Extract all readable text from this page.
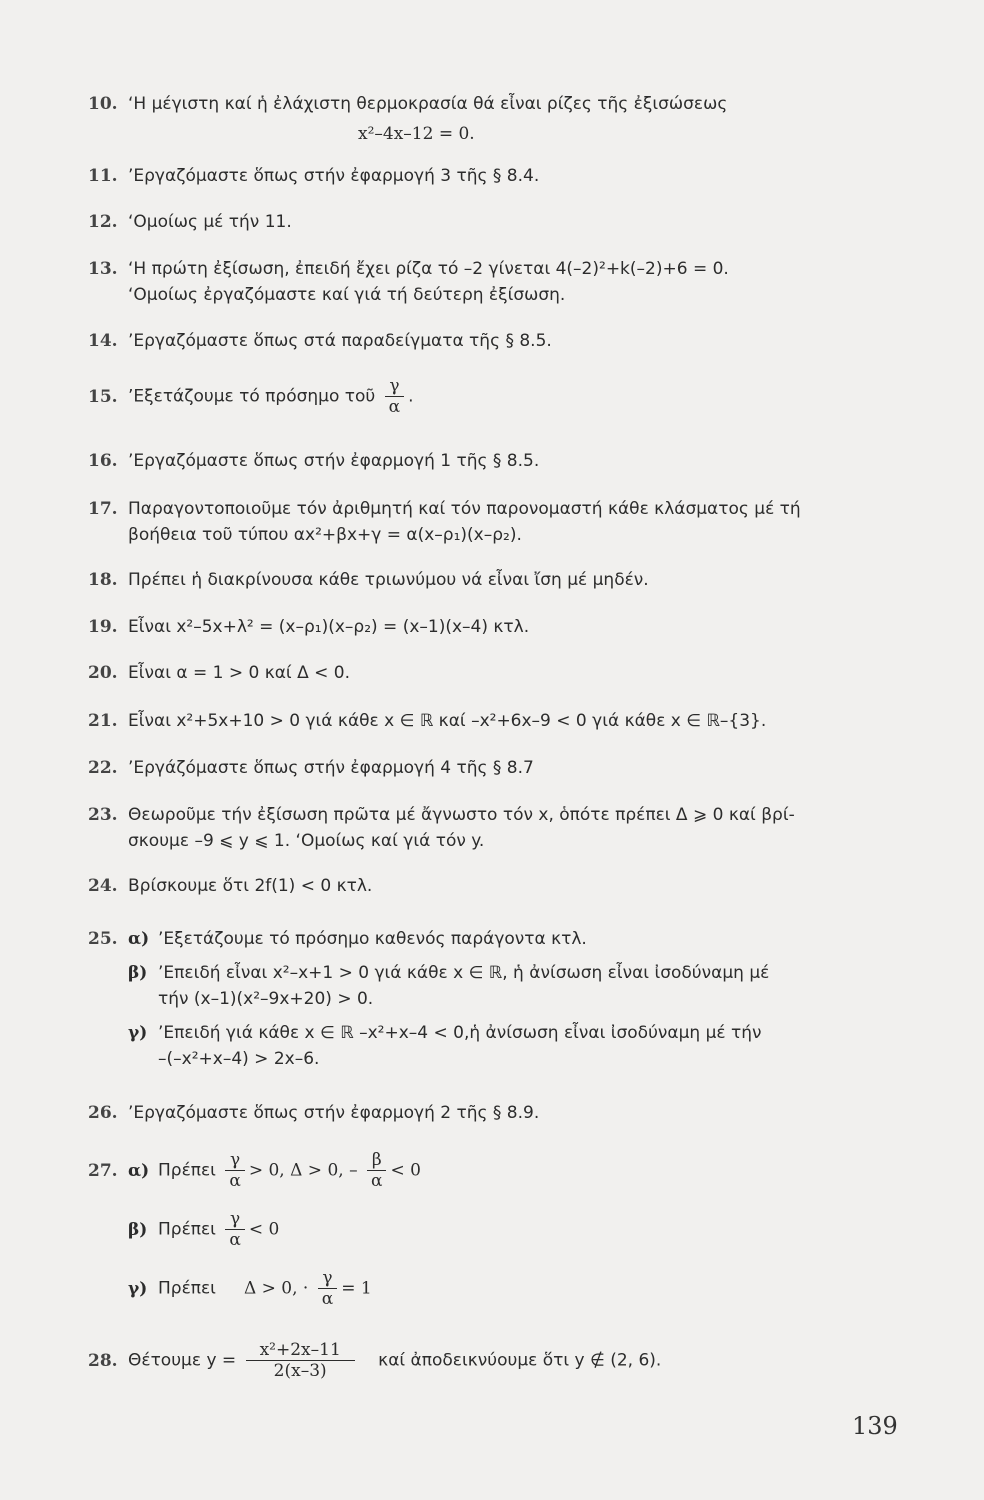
10. ‘Η μέγιστη καί ἡ ἐλάχιστη θερμοκρασία θά εἶναι ρίζες τῆς ἐξισώσεως
x²–4x–12 = 0.
11. ’Εργαζόμαστε ὅπως στήν ἐφαρμογή 3 τῆς § 8.4.
12. ‘Ομοίως μέ τήν 11.
13. ‘Η πρώτη ἐξίσωση, ἐπειδή ἔχει ρίζα τό –2 γίνεται 4(–2)²+k(–2)+6 = 0.
‘Ομοίως ἐργαζόμαστε καί γιά τή δεύτερη ἐξίσωση.
14. ’Εργαζόμαστε ὅπως στά παραδείγματα τῆς § 8.5.
15. ’Εξετάζουμε τό πρόσημο τοῦ $\frac{\gamma}{\alpha}$ .
16. ’Εργαζόμαστε ὅπως στήν ἐφαρμογή 1 τῆς § 8.5.
17. Παραγοντοποιοῦμε τόν ἀριθμητή καί τόν παρονομαστή κάθε κλάσματος μέ τή
βοήθεια τοῦ τύπου αx²+βx+γ = α(x–ρ₁)(x–ρ₂).
18. Πρέπει ἡ διακρίνουσα κάθε τριωνύμου νά εἶναι ἴση μέ μηδέν.
19. Εἶναι x²–5x+λ² = (x–ρ₁)(x–ρ₂) = (x–1)(x–4) κτλ.
20. Εἶναι α = 1 > 0 καί Δ < 0.
21. Εἶναι x²+5x+10 > 0 γιά κάθε x ∈ ℝ καί –x²+6x–9 < 0 γιά κάθε x ∈ ℝ–{3}.
22. ’Εργάζόμαστε ὅπως στήν ἐφαρμογή 4 τῆς § 8.7
23. Θεωροῦμε τήν ἐξίσωση πρῶτα μέ ἄγνωστο τόν x, ὁπότε πρέπει Δ ⩾ 0 καί βρί-
σκουμε –9 ⩽ y ⩽ 1. ‘Ομοίως καί γιά τόν y.
24. Βρίσκουμε ὅτι 2f(1) < 0 κτλ.
25. α) ’Εξετάζουμε τό πρόσημο καθενός παράγοντα κτλ.
β) ’Επειδή εἶναι x²–x+1 > 0 γιά κάθε x ∈ ℝ, ἡ ἀνίσωση εἶναι ἰσοδύναμη μέ
τήν (x–1)(x²–9x+20) > 0.
γ) ’Επειδή γιά κάθε x ∈ ℝ –x²+x–4 < 0,ἡ ἀνίσωση εἶναι ἰσοδύναμη μέ τήν
–(–x²+x–4) > 2x–6.
26. ’Εργαζόμαστε ὅπως στήν ἐφαρμογή 2 τῆς § 8.9.
27. α) Πρέπει $\frac{\gamma}{\alpha} > 0$, Δ > 0, – $\frac{\beta}{\alpha} < 0$
β) Πρέπει $\frac{\gamma}{\alpha} < 0$
γ) Πρέπει Δ > 0, · $\frac{\gamma}{\alpha} = 1$
28. Θέτουμε $y = \frac{\text{x²+2x–11}}{2(x-3)}$ καί ἀποδεικνύουμε ὅτι y ∉ (2, 6).
139
